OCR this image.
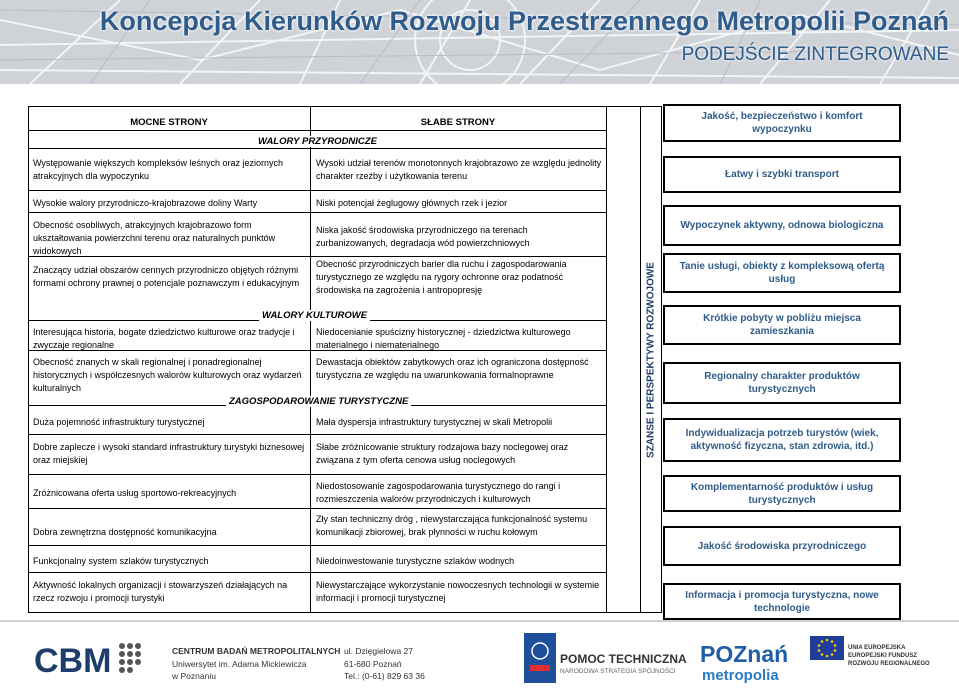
Koncepcja Kierunków Rozwoju Przestrzennego Metropolii Poznań
PODEJŚCIE ZINTEGROWANE
MOCNE STRONY	SŁABE STRONY
WALORY PRZYRODNICZE
WALORY KULTUROWE
ZAGOSPODAROWANIE TURYSTYCZNE
Występowanie większych kompleksów leśnych oraz jeziornych atrakcyjnych dla wypoczynku
Wysokie walory przyrodniczo-krajobrazowe doliny Warty
Obecność osobliwych, atrakcyjnych krajobrazowo form ukształtowania powierzchni terenu oraz naturalnych punktów widokowych
Znaczący udział obszarów cennych przyrodniczo objętych różnymi formami ochrony prawnej o potencjale poznawczym i edukacyjnym
Interesująca historia, bogate dziedzictwo kulturowe oraz tradycje i zwyczaje regionalne
Obecność znanych w skali regionalnej i ponadregionalnej historycznych i współczesnych walorów kulturowych oraz wydarzeń kulturalnych
Duża pojemność infrastruktury turystycznej
Dobre zaplecze i wysoki standard infrastruktury turystyki biznesowej oraz miejskiej
Zróżnicowana oferta usług sportowo-rekreacyjnych
Dobra zewnętrzna dostępność komunikacyjna
Funkcjonalny system szlaków turystycznych
Aktywność lokalnych organizacji i stowarzyszeń działających na rzecz rozwoju i promocji turystyki
Wysoki udział terenów monotonnych krajobrazowo ze względu jednolity charakter rzeźby i użytkowania terenu
Niski potencjał żeglugowy głównych rzek i jezior
Niska jakość środowiska przyrodniczego na terenach zurbanizowanych, degradacja wód powierzchniowych
Obecność przyrodniczych barier dla ruchu i zagospodarowania turystycznego ze względu na rygory ochronne oraz podatność środowiska na zagrożenia i antropopresję
Niedocenianie spuścizny historycznej - dziedzictwa kulturowego materialnego i niematerialnego
Dewastacja obiektów zabytkowych oraz ich ograniczona dostępność turystyczna ze względu na uwarunkowania formalnoprawne
Mała dyspersja infrastruktury turystycznej w skali Metropolii
Słabe zróżnicowanie struktury rodzajowa bazy noclegowej oraz związana z tym oferta cenowa usług noclegowych
Niedostosowanie zagospodarowania turystycznego do rangi i rozmieszczenia walorów przyrodniczych i kulturowych
Zły stan techniczny dróg , niewystarczająca funkcjonalność systemu komunikacji zbiorowej, brak płynności w ruchu kołowym
Niedoinwestowanie turystyczne szlaków wodnych
Niewystarczające wykorzystanie nowoczesnych technologii w systemie informacji i promocji turystycznej
SZANSE I PERSPEKTYWY ROZWOJOWE
Jakość, bezpieczeństwo i komfort wypoczynku
Łatwy i szybki transport
Wypoczynek aktywny, odnowa biologiczna
Tanie usługi, obiekty z kompleksową ofertą usług
Krótkie pobyty w pobliżu miejsca zamieszkania
Regionalny charakter produktów turystycznych
Indywidualizacja potrzeb turystów (wiek, aktywność fizyczna, stan zdrowia, itd.)
Komplementarność produktów i usług turystycznych
Jakość środowiska przyrodniczego
Informacja i promocja turystyczna, nowe technologie
CBM	CENTRUM BADAŃ METROPOLITALNYCH
Uniwersytet im. Adama Mickiewicza
w Poznaniu
ul. Dzięgielowa 27
61-680 Poznań
Tel.: (0-61) 829 63 36
POMOC TECHNICZNA
NARODOWA STRATEGIA SPÓJNOŚCI
POZnań
metropolia
UNIA EUROPEJSKA
EUROPEJSKI FUNDUSZ
ROZWOJU REGIONALNEGO
